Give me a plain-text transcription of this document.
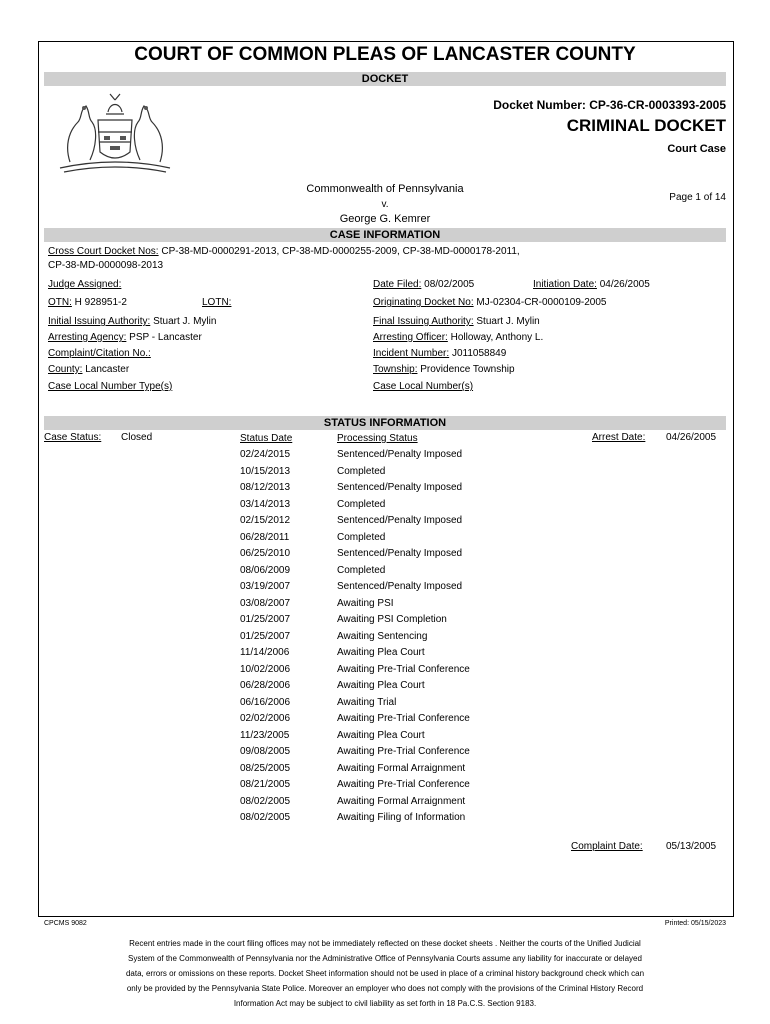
COURT OF COMMON PLEAS OF LANCASTER COUNTY
DOCKET
Docket Number: CP-36-CR-0003393-2005
CRIMINAL DOCKET
Court Case
Commonwealth of Pennsylvania
v.
George G. Kemrer
Page 1 of 14
CASE INFORMATION
Cross Court Docket Nos: CP-38-MD-0000291-2013, CP-38-MD-0000255-2009, CP-38-MD-0000178-2011,
CP-38-MD-0000098-2013
Judge Assigned:	Date Filed: 08/02/2005	Initiation Date: 04/26/2005
OTN: H 928951-2	LOTN:	Originating Docket No: MJ-02304-CR-0000109-2005
Initial Issuing Authority: Stuart J. Mylin	Final Issuing Authority: Stuart J. Mylin
Arresting Agency: PSP - Lancaster	Arresting Officer: Holloway, Anthony L.
Complaint/Citation No.:	Incident Number: J011058849
County: Lancaster	Township: Providence Township
Case Local Number Type(s)	Case Local Number(s)
STATUS INFORMATION
Case Status: Closed	Status Date	Processing Status	Arrest Date: 04/26/2005
02/24/2015	Sentenced/Penalty Imposed
10/15/2013	Completed
08/12/2013	Sentenced/Penalty Imposed
03/14/2013	Completed
02/15/2012	Sentenced/Penalty Imposed
06/28/2011	Completed
06/25/2010	Sentenced/Penalty Imposed
08/06/2009	Completed
03/19/2007	Sentenced/Penalty Imposed
03/08/2007	Awaiting PSI
01/25/2007	Awaiting PSI Completion
01/25/2007	Awaiting Sentencing
11/14/2006	Awaiting Plea Court
10/02/2006	Awaiting Pre-Trial Conference
06/28/2006	Awaiting Plea Court
06/16/2006	Awaiting Trial
02/02/2006	Awaiting Pre-Trial Conference
11/23/2005	Awaiting Plea Court
09/08/2005	Awaiting Pre-Trial Conference
08/25/2005	Awaiting Formal Arraignment
08/21/2005	Awaiting Pre-Trial Conference
08/02/2005	Awaiting Formal Arraignment
08/02/2005	Awaiting Filing of Information
Complaint Date: 05/13/2005
CPCMS 9082	Printed: 05/15/2023
Recent entries made in the court filing offices may not be immediately reflected on these docket sheets . Neither the courts of the Unified Judicial
System of the Commonwealth of Pennsylvania nor the Administrative Office of Pennsylvania Courts assume any liability for inaccurate or delayed
data, errors or omissions on these reports. Docket Sheet information should not be used in place of a criminal history background check which can
only be provided by the Pennsylvania State Police. Moreover an employer who does not comply with the provisions of the Criminal History Record
Information Act may be subject to civil liability as set forth in 18 Pa.C.S. Section 9183.
